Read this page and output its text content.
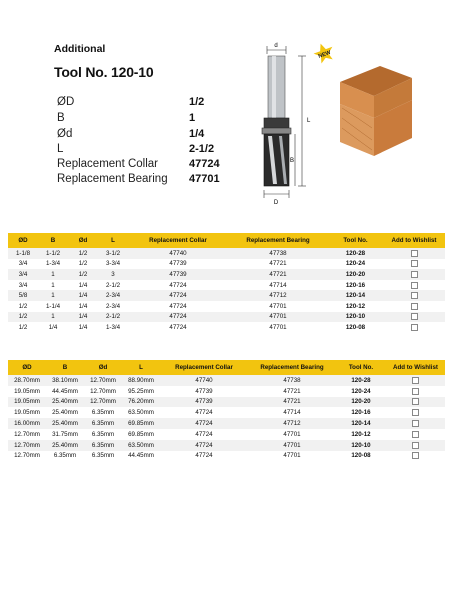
Additional
Tool No. 120-10
ØD	1/2
B	1
Ød	1/4
L	2-1/2
Replacement Collar	47724
Replacement Bearing 47701
d
L
B
D
NEW
ØD	B	Ød	L	Replacement Collar	Replacement Bearing	Tool No.	Add to Wishlist
1-1/8	1-1/2	1/2	3-1/2	47740	47738	120-28	
3/4	1-3/4	1/2	3-3/4	47739	47721	120-24	
3/4	1	1/2	3	47739	47721	120-20	
3/4	1	1/4	2-1/2	47724	47714	120-16	
5/8	1	1/4	2-3/4	47724	47712	120-14	
1/2	1-1/4	1/4	2-3/4	47724	47701	120-12	
1/2	1	1/4	2-1/2	47724	47701	120-10	
1/2	1/4	1/4	1-3/4	47724	47701	120-08	
ØD	B	Ød	L	Replacement Collar	Replacement Bearing	Tool No.	Add to Wishlist
28.70mm	38.10mm	12.70mm	88.90mm	47740	47738	120-28	
19.05mm	44.45mm	12.70mm	95.25mm	47739	47721	120-24	
19.05mm	25.40mm	12.70mm	76.20mm	47739	47721	120-20	
19.05mm	25.40mm	6.35mm	63.50mm	47724	47714	120-16	
16.00mm	25.40mm	6.35mm	69.85mm	47724	47712	120-14	
12.70mm	31.75mm	6.35mm	69.85mm	47724	47701	120-12	
12.70mm	25.40mm	6.35mm	63.50mm	47724	47701	120-10	
12.70mm	6.35mm	6.35mm	44.45mm	47724	47701	120-08	
